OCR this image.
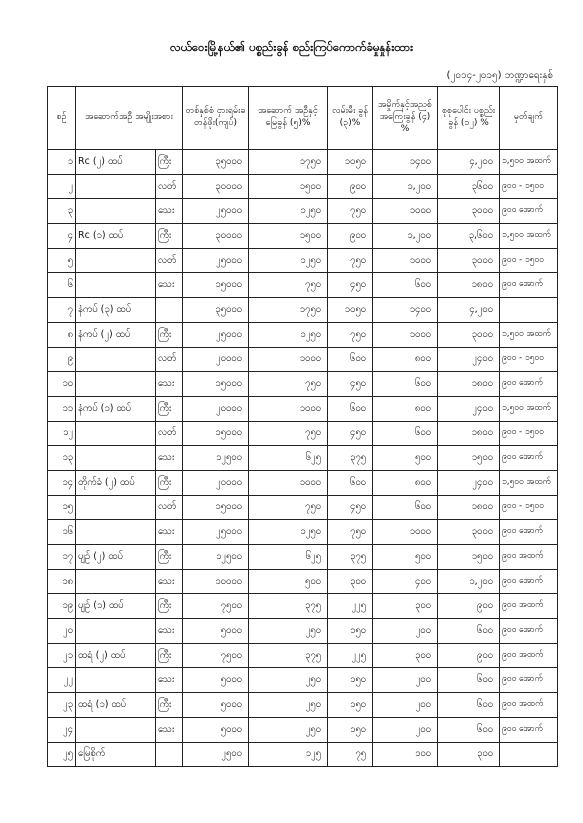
လယ်ဝေးမြို့နယ်၏ ပစ္စည်းခွန် စည်းကြပ်ကောက်ခံမှုနှုန်းထား
(၂၀၁၄-၂၀၁၅) ဘဏ္ဍာရေးနှစ်
စဉ်	အဆောက်အဦ အမျိုးအစား		တစ်နှစ်စံ ငှားရမ်းခ တန်ဖိုး(ကျပ်)	အဆောက် အဦနှင့်မြေခွန် (၅)%	လမ်းမီး ခွန် (၃)%	အမှိုက်နှင့်အညစ် အကြေးခွန် (၄) %	စုစုပေါင်း ပစ္စည်းခွန် (၁၂) %	မှတ်ချက်
၁	Rc (၂) ထပ်	ကြီး	၃၅၀၀၀	၁၇၅၀	၁၀၅၀	၁၄၀၀	၄,၂၀၀	၁,၅၀၀ အထက်
၂		လတ်	၃၀၀၀၀	၁၅၀၀	၉၀၀	၁,၂၀၀	၃၆၀၀	၉၀၀ - ၁၅၀၀
၃		သေး	၂၅၀၀၀	၁၂၅၀	၇၅၀	၁၀၀၀	၃၀၀၀	၉၀၀ အောက်
၄	Rc (၁) ထပ်	ကြီး	၃၀၀၀၀	၁၅၀၀	၉၀၀	၁,၂၀၀	၃,၆၀၀	၁,၅၀၀ အထက်
၅		လတ်	၂၅၀၀၀	၁၂၅၀	၇၅၀	၁၀၀၀	၃၀၀၀	၉၀၀ - ၁၅၀၀
၆		သေး	၁၅၀၀၀	၇၅၀	၄၅၀	၆၀၀	၁၈၀၀	၉၀၀ အောက်
၇	နံကပ် (၃) ထပ်		၃၅၀၀၀	၁၇၅၀	၁၀၅၀	၁၄၀၀	၄,၂၀၀	
၈	နံကပ် (၂) ထပ်	ကြီး	၂၅၀၀၀	၁၂၅၀	၇၅၀	၁၀၀၀	၃၀၀၀	၁,၅၀၀ အထက်
၉		လတ်	၂၀၀၀၀	၁၀၀၀	၆၀၀	၈၀၀	၂၄၀၀	၉၀၀ - ၁၅၀၀
၁၀		သေး	၁၅၀၀၀	၇၅၀	၄၅၀	၆၀၀	၁၈၀၀	၉၀၀ အောက်
၁၁	နံကပ် (၁) ထပ်	ကြီး	၂၀၀၀၀	၁၀၀၀	၆၀၀	၈၀၀	၂၄၀၀	၁,၅၀၀ အထက်
၁၂		လတ်	၁၅၀၀၀	၇၅၀	၄၅၀	၆၀၀	၁၈၀၀	၉၀၀ - ၁၅၀၀
၁၃		သေး	၁၂၅၀၀	၆၂၅	၃၇၅	၅၀၀	၁၅၀၀	၉၀၀ အောက်
၁၄	တိုက်ခံ (၂) ထပ်	ကြီး	၂၀၀၀၀	၁၀၀၀	၆၀၀	၈၀၀	၂၄၀၀	၁,၅၀၀ အထက်
၁၅		လတ်	၁၅၀၀၀	၇၅၀	၄၅၀	၆၀၀	၁၈၀၀	၉၀၀ - ၁၅၀၀
၁၆		သေး	၂၅၀၀၀	၁၂၅၀	၇၅၀	၁၀၀၀	၃၀၀၀	၉၀၀ အောက်
၁၇	ပျဉ် (၂) ထပ်	ကြီး	၁၂၅၀၀	၆၂၅	၃၇၅	၅၀၀	၁၅၀၀	၉၀၀ အထက်
၁၈		သေး	၁၀၀၀၀	၅၀၀	၃၀၀	၄၀၀	၁,၂၀၀	၉၀၀ အောက်
၁၉	ပျဉ် (၁) ထပ်	ကြီး	၇၅၀၀	၃၇၅	၂၂၅	၃၀၀	၉၀၀	၉၀၀ အထက်
၂၀		သေး	၅၀၀၀	၂၅၀	၁၅၀	၂၀၀	၆၀၀	၉၀၀ အောက်
၂၁	ထရံ (၂) ထပ်	ကြီး	၇၅၀၀	၃၇၅	၂၂၅	၃၀၀	၉၀၀	၉၀၀ အထက်
၂၂		သေး	၅၀၀၀	၂၅၀	၁၅၀	၂၀၀	၆၀၀	၉၀၀ အောက်
၂၃	ထရံ (၁) ထပ်	ကြီး	၅၀၀၀	၂၅၀	၁၅၀	၂၀၀	၆၀၀	၉၀၀ အထက်
၂၄		သေး	၅၀၀၀	၂၅၀	၁၅၀	၂၀၀	၆၀၀	၉၀၀ အောက်
၂၅	မြေစိုက်		၂၅၀၀	၁၂၅	၇၅	၁၀၀	၃၀၀	
